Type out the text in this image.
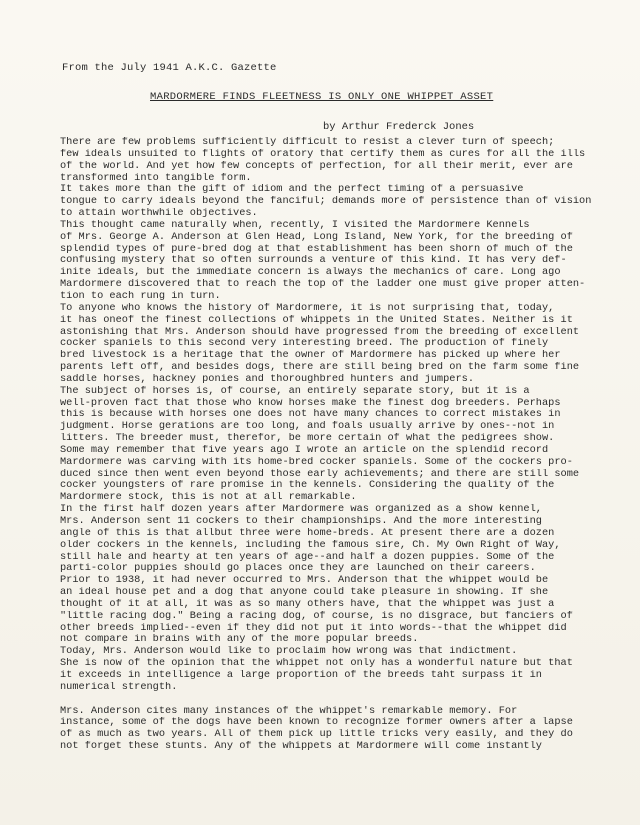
From the July 1941 A.K.C. Gazette
MARDORMERE FINDS FLEETNESS IS ONLY ONE WHIPPET ASSET
by Arthur Frederck Jones
There are few problems sufficiently difficult to resist a clever turn of speech;
few ideals unsuited to flights of oratory that certify them as cures for all the ills
of the world. And yet how few concepts of perfection, for all their merit, ever are
transformed into tangible form.
It takes more than the gift of idiom and the perfect timing of a persuasive
tongue to carry ideals beyond the fanciful; demands more of persistence than of vision
to attain worthwhile objectives.
This thought came naturally when, recently, I visited the Mardormere Kennels
of Mrs. George A. Anderson at Glen Head, Long Island, New York, for the breeding of
splendid types of pure-bred dog at that establishment has been shorn of much of the
confusing mystery that so often surrounds a venture of this kind. It has very def-
inite ideals, but the immediate concern is always the mechanics of care. Long ago
Mardormere discovered that to reach the top of the ladder one must give proper atten-
tion to each rung in turn.
To anyone who knows the history of Mardormere, it is not surprising that, today,
it has oneof the finest collections of whippets in the United States. Neither is it
astonishing that Mrs. Anderson should have progressed from the breeding of excellent
cocker spaniels to this second very interesting breed. The production of finely
bred livestock is a heritage that the owner of Mardormere has picked up where her
parents left off, and besides dogs, there are still being bred on the farm some fine
saddle horses, hackney ponies and thoroughbred hunters and jumpers.
The subject of horses is, of course, an entirely separate story, but it is a
well-proven fact that those who know horses make the finest dog breeders. Perhaps
this is because with horses one does not have many chances to correct mistakes in
judgment. Horse gerations are too long, and foals usually arrive by ones--not in
litters. The breeder must, therefor, be more certain of what the pedigrees show.
Some may remember that five years ago I wrote an article on the splendid record
Mardormere was carving with its home-bred cocker spaniels. Some of the cockers pro-
duced since then went even beyond those early achievements; and there are still some
cocker youngsters of rare promise in the kennels. Considering the quality of the
Mardormere stock, this is not at all remarkable.
In the first half dozen years after Mardormere was organized as a show kennel,
Mrs. Anderson sent 11 cockers to their championships. And the more interesting
angle of this is that allbut three were home-breds. At present there are a dozen
older cockers in the kennels, including the famous sire, Ch. My Own Right of Way,
still hale and hearty at ten years of age--and half a dozen puppies. Some of the
parti-color puppies should go places once they are launched on their careers.
Prior to 1938, it had never occurred to Mrs. Anderson that the whippet would be
an ideal house pet and a dog that anyone could take pleasure in showing. If she
thought of it at all, it was as so many others have, that the whippet was just a
"little racing dog." Being a racing dog, of course, is no disgrace, but fanciers of
other breeds implied--even if they did not put it into words--that the whippet did
not compare in brains with any of the more popular breeds.
Today, Mrs. Anderson would like to proclaim how wrong was that indictment.
She is now of the opinion that the whippet not only has a wonderful nature but that
it exceeds in intelligence a large proportion of the breeds taht surpass it in
numerical strength.
Mrs. Anderson cites many instances of the whippet's remarkable memory. For
instance, some of the dogs have been known to recognize former owners after a lapse
of as much as two years. All of them pick up little tricks very easily, and they do
not forget these stunts. Any of the whippets at Mardormere will come instantly
